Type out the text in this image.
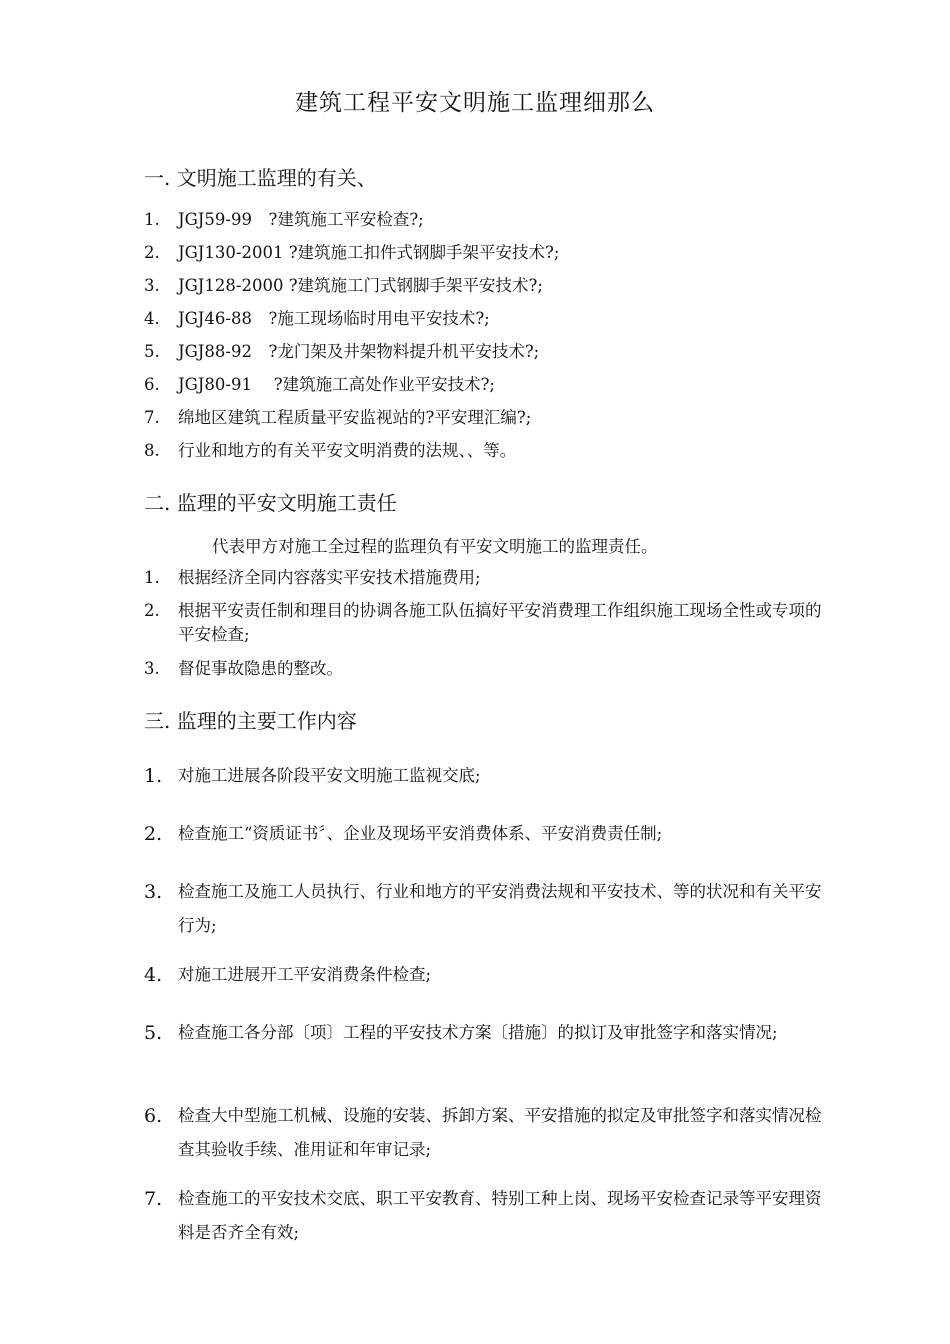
建筑工程平安文明施工监理细那么
一. 文明施工监理的有关、
1.	JGJ59-99　?建筑施工平安检查?;
2.	JGJ130-2001 ?建筑施工扣件式钢脚手架平安技术?;
3.	JGJ128-2000 ?建筑施工门式钢脚手架平安技术?;
4.	JGJ46-88　?施工现场临时用电平安技术?;
5.	JGJ88-92　?龙门架及井架物料提升机平安技术?;
6.	JGJ80-91　 ?建筑施工高处作业平安技术?;
7.	绵地区建筑工程质量平安监视站的?平安理汇编?;
8.	行业和地方的有关平安文明消费的法规、、等。
二. 监理的平安文明施工责任
代表甲方对施工全过程的监理负有平安文明施工的监理责任。
1.	根据经济全同内容落实平安技术措施费用;
2.	根据平安责任制和理目的协调各施工队伍搞好平安消费理工作组织施工现场全性或专项的平安检查;
3.	督促事故隐患的整改。
三. 监理的主要工作内容
1. 对施工进展各阶段平安文明施工监视交底;
2. 检查施工“资质证书〞、企业及现场平安消费体系、平安消费责任制;
3. 检查施工及施工人员执行、行业和地方的平安消费法规和平安技术、等的状况和有关平安行为;
4. 对施工进展开工平安消费条件检查;
5. 检查施工各分部〔项〕工程的平安技术方案〔措施〕的拟订及审批签字和落实情况;
6. 检查大中型施工机械、设施的安装、拆卸方案、平安措施的拟定及审批签字和落实情况检查其验收手续、准用证和年审记录;
7. 检查施工的平安技术交底、职工平安教育、特别工种上岗、现场平安检查记录等平安理资料是否齐全有效;
